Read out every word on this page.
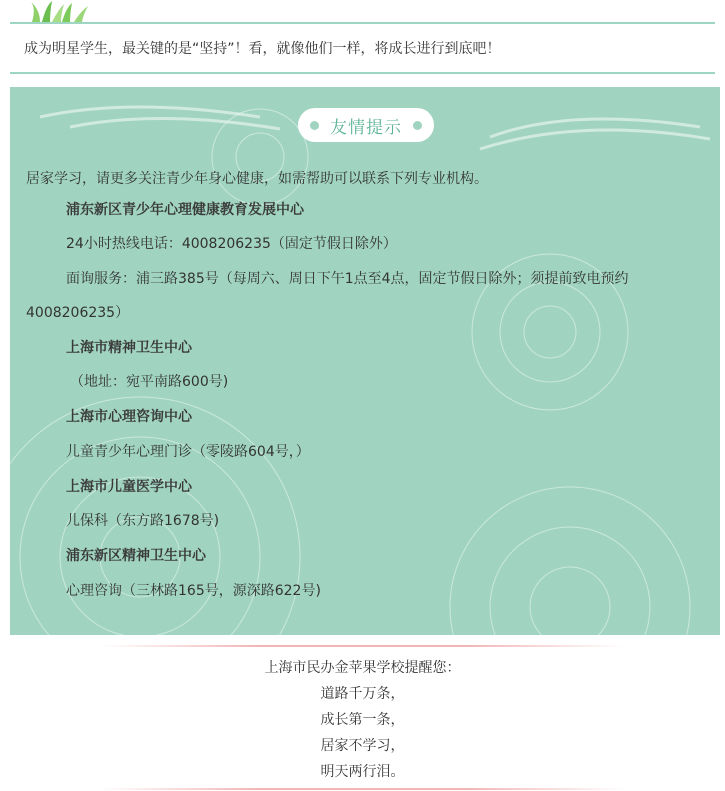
成为明星学生，最关键的是“坚持”！看，就像他们一样，将成长进行到底吧！
友情提示
居家学习，请更多关注青少年身心健康，如需帮助可以联系下列专业机构。
浦东新区青少年心理健康教育发展中心
24小时热线电话：4008206235（固定节假日除外）
面询服务：浦三路385号（每周六、周日下午1点至4点，固定节假日除外；须提前致电预约
4008206235）
上海市精神卫生中心
（地址：宛平南路600号)
上海市心理咨询中心
儿童青少年心理门诊（零陵路604号，）
上海市儿童医学中心
儿保科（东方路1678号)
浦东新区精神卫生中心
心理咨询（三林路165号，源深路622号)
上海市民办金苹果学校提醒您：
道路千万条，
成长第一条，
居家不学习，
明天两行泪。
